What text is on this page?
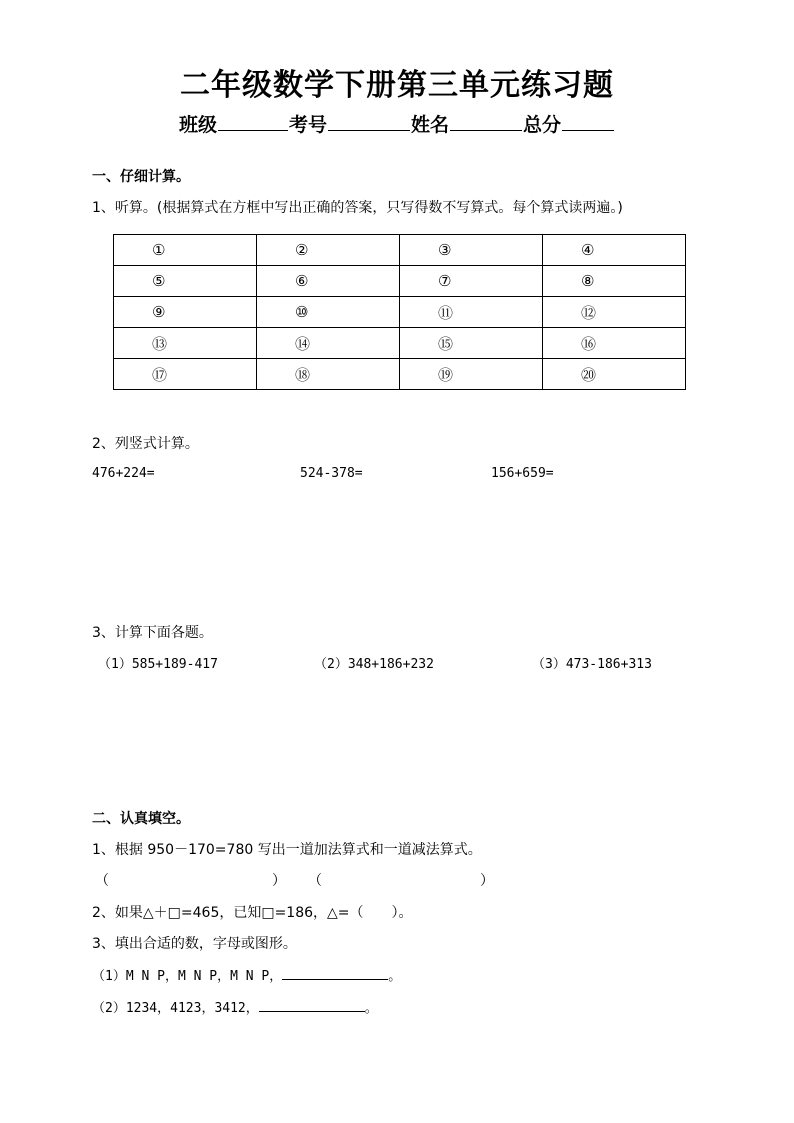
二年级数学下册第三单元练习题
班级	考号	姓名	总分
一、仔细计算。
1、听算。(根据算式在方框中写出正确的答案，只写得数不写算式。每个算式读两遍。)
①	②	③	④
⑤	⑥	⑦	⑧
⑨	⑩	⑪	⑫
⑬	⑭	⑮	⑯
⑰	⑱	⑲	⑳
2、列竖式计算。
476+224=	524-378=	156+659=
3、计算下面各题。
（1）585+189-417	（2）348+186+232	（3）473-186+313
二、认真填空。
1、根据 950－170=780 写出一道加法算式和一道减法算式。
（	） （	）
2、如果△＋□=465，已知□=186，△=（　　）。
3、填出合适的数，字母或图形。
（1）M N P，M N P，M N P，	。
（2）1234，4123，3412，	。
